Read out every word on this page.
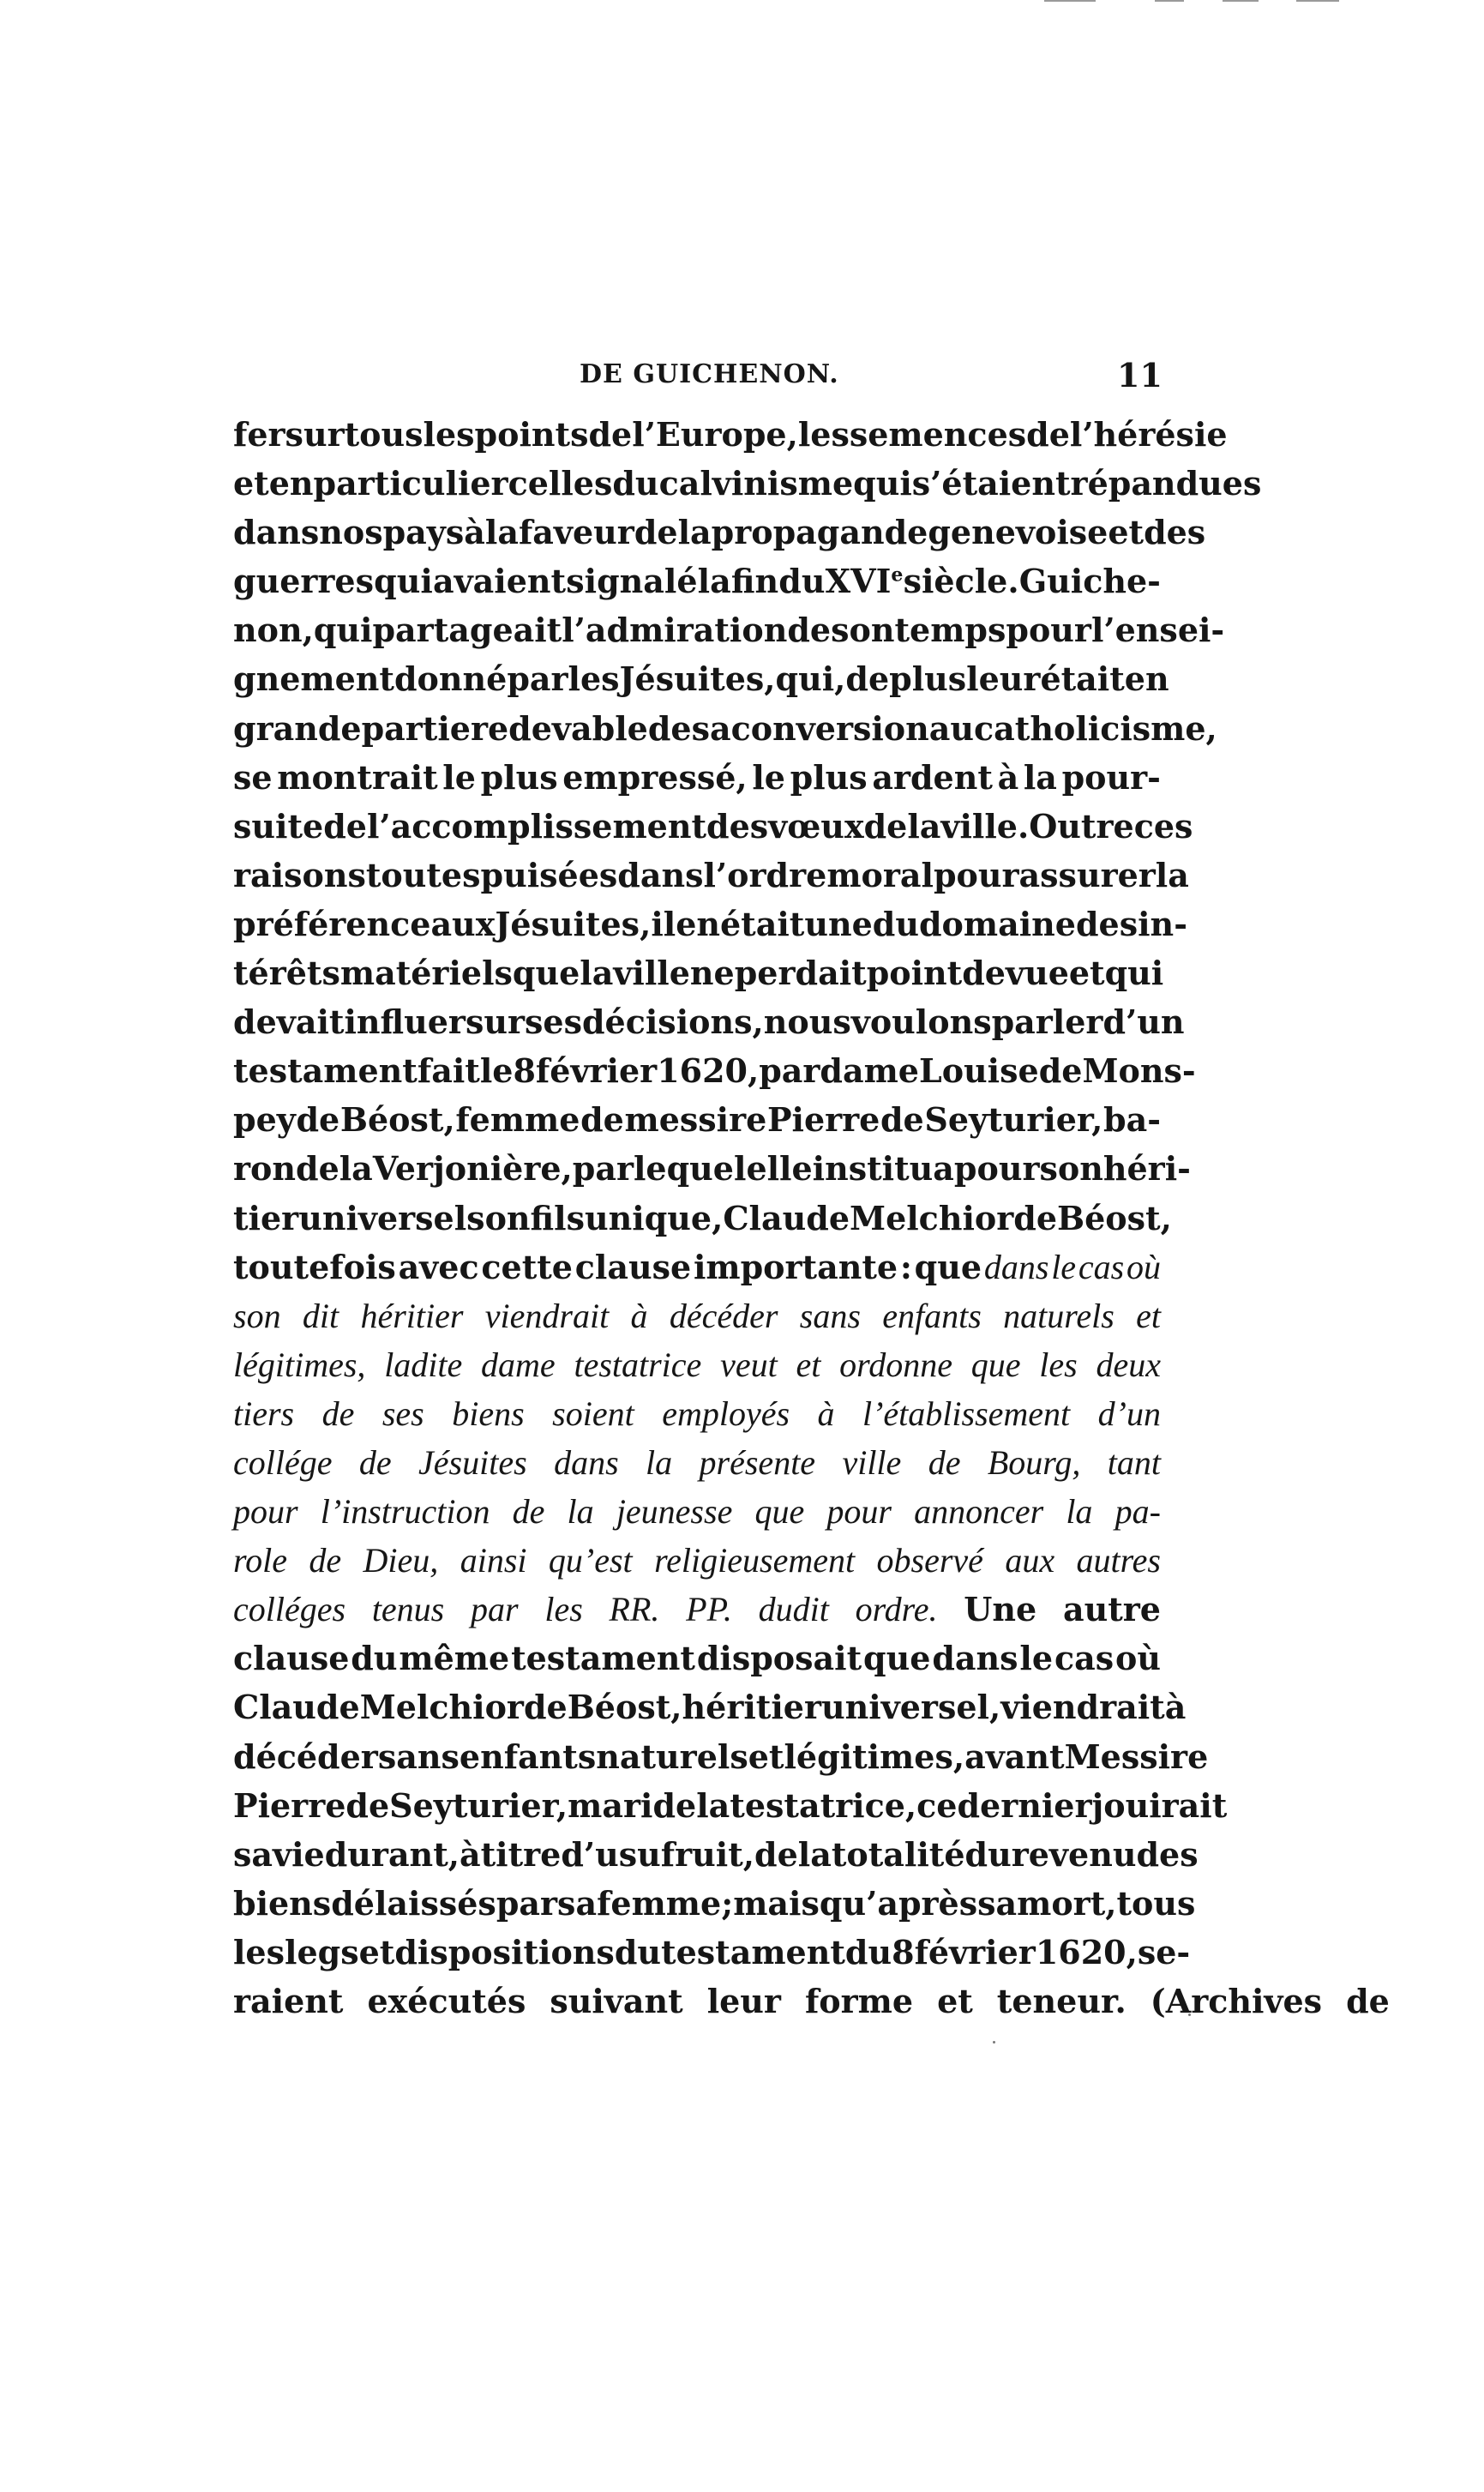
DE GUICHENON.	11
fer sur tous les points de l’Europe, les semences de l’hérésie
et en particulier celles du calvinisme qui s’étaient répandues
dans nos pays à la faveur de la propagande genevoise et des
guerres qui avaient signalé la fin du XVIe siècle. Guiche-
non, qui partageait l’admiration de son temps pour l’ensei-
gnement donné par les Jésuites, qui, de plus leur était en
grande partie redevable de sa conversion au catholicisme,
se montrait le plus empressé, le plus ardent à la pour-
suite de l’accomplissement des vœux de la ville. Outre ces
raisons toutes puisées dans l’ordre moral pour assurer la
préférence aux Jésuites, il en était une du domaine des in-
térêts matériels que la ville ne perdait point de vue et qui
devait influer sur ses décisions, nous voulons parler d’un
testament fait le 8 février 1620, par dame Louise de Mons-
pey de Béost, femme de messire Pierre de Seyturier, ba-
ron de la Verjonière, par lequel elle institua pour son héri-
tier universel son fils unique, Claude Melchior de Béost,
toutefois avec cette clause importante : que dans le cas où
son dit héritier viendrait à décéder sans enfants naturels et
légitimes, ladite dame testatrice veut et ordonne que les deux
tiers de ses biens soient employés à l’établissement d’un
collége de Jésuites dans la présente ville de Bourg, tant
pour l’instruction de la jeunesse que pour annoncer la pa-
role de Dieu, ainsi qu’est religieusement observé aux autres
colléges tenus par les RR. PP. dudit ordre. Une autre
clause du même testament disposait que dans le cas où
Claude Melchior de Béost, héritier universel, viendrait à
décéder sans enfants naturels et légitimes, avant Messire
Pierre de Seyturier, mari de la testatrice, ce dernier jouirait
sa vie durant, à titre d’usufruit, de la totalité du revenu des
biens délaissés par sa femme ; mais qu’après sa mort, tous
les legs et dispositions du testament du 8 février 1620, se-
raient exécutés suivant leur forme et teneur. (Archives de
